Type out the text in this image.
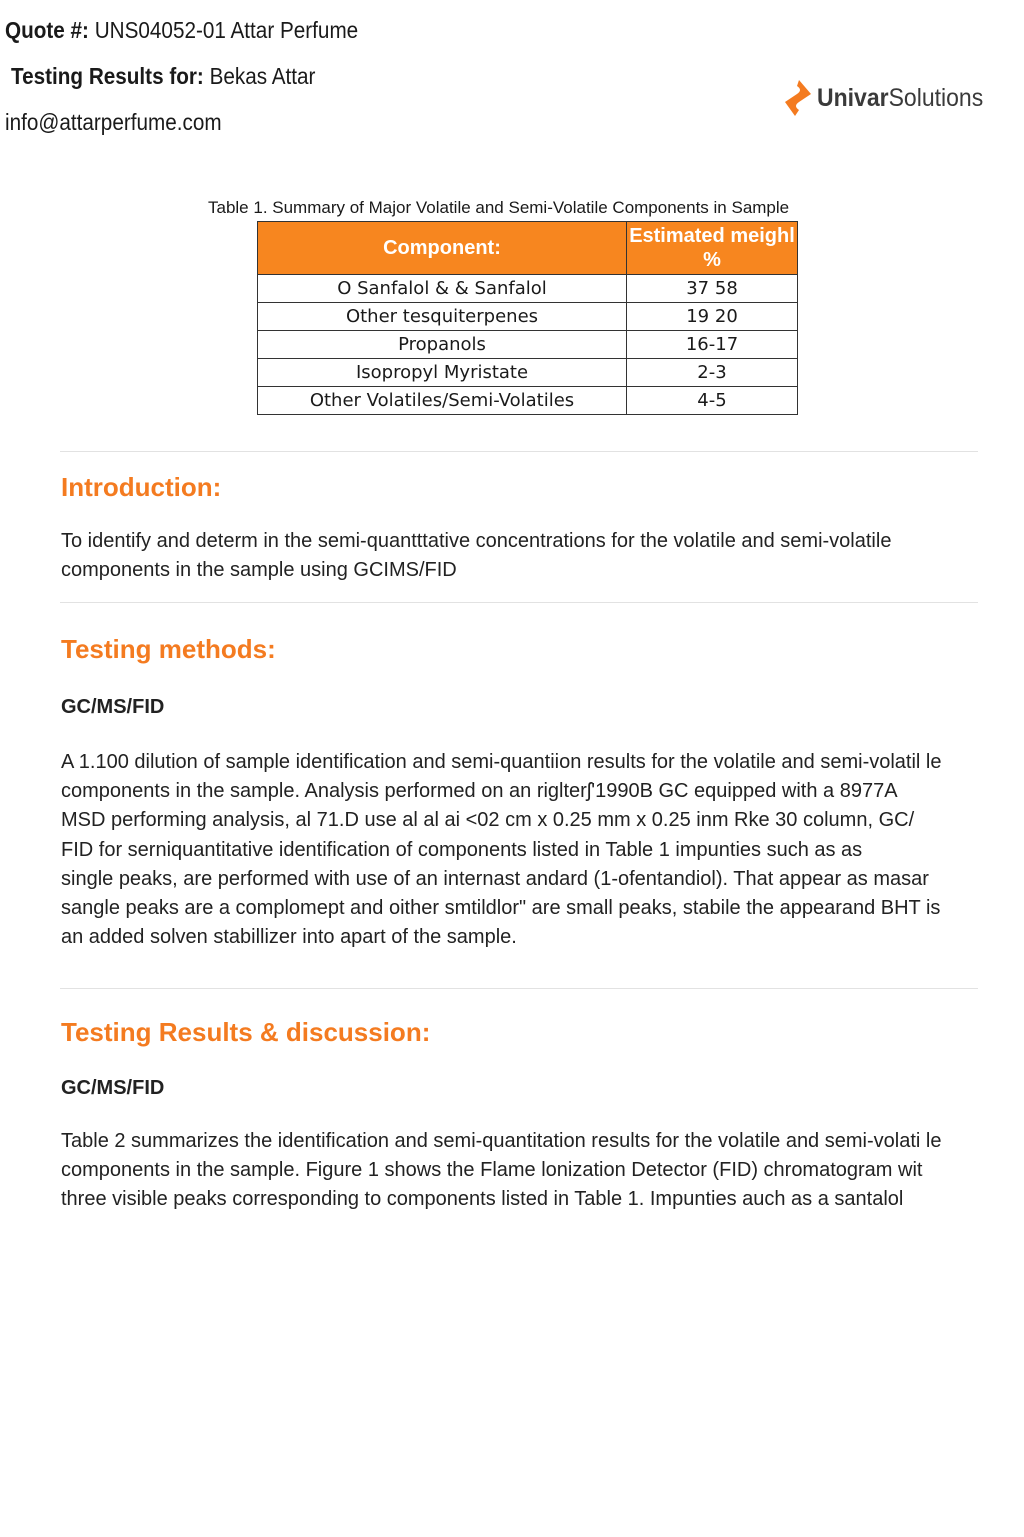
Quote #: UNS04052-01 Attar Perfume
Testing Results for: Bekas Attar
info@attarperfume.com
UnivarSolutions
Table 1. Summary of Major Volatile and Semi-Volatile Components in Sample
Component:	Estimated meighl %
O Sanfalol & & Sanfalol	37 58
Other tesquiterpenes	19 20
Propanols	16-17
Isopropyl Myristate	2-3
Other Volatiles/Semi-Volatiles	4-5
Introduction:
To identify and determ in the semi-quantttative concentrations for the volatile and semi-volatile
components in the sample using GCIMS/FID
Testing methods:
GC/MS/FID
A 1.100 dilution of sample identification and semi-quantiion results for the volatile and semi-volatil le
components in the sample. Analysis performed on an riglterʃ'1990B GC equipped with a 8977A
MSD performing analysis, al 71.D use al al ai <02 cm x 0.25 mm x 0.25 inm Rke 30 column, GC/
FID for serniquantitative identification of components listed in Table 1 impunties such as as
single peaks, are performed with use of an internast andard (1-ofentandiol). That appear as masar
sangle peaks are a complomept and oither smtildlor" are small peaks, stabile the appearand BHT is
an added solven stabillizer into apart of the sample.
Testing Results & discussion:
GC/MS/FID
Table 2 summarizes the identification and semi-quantitation results for the volatile and semi-volati le
components in the sample. Figure 1 shows the Flame lonization Detector (FID) chromatogram wit
three visible peaks corresponding to components listed in Table 1. Impunties auch as a santalol
